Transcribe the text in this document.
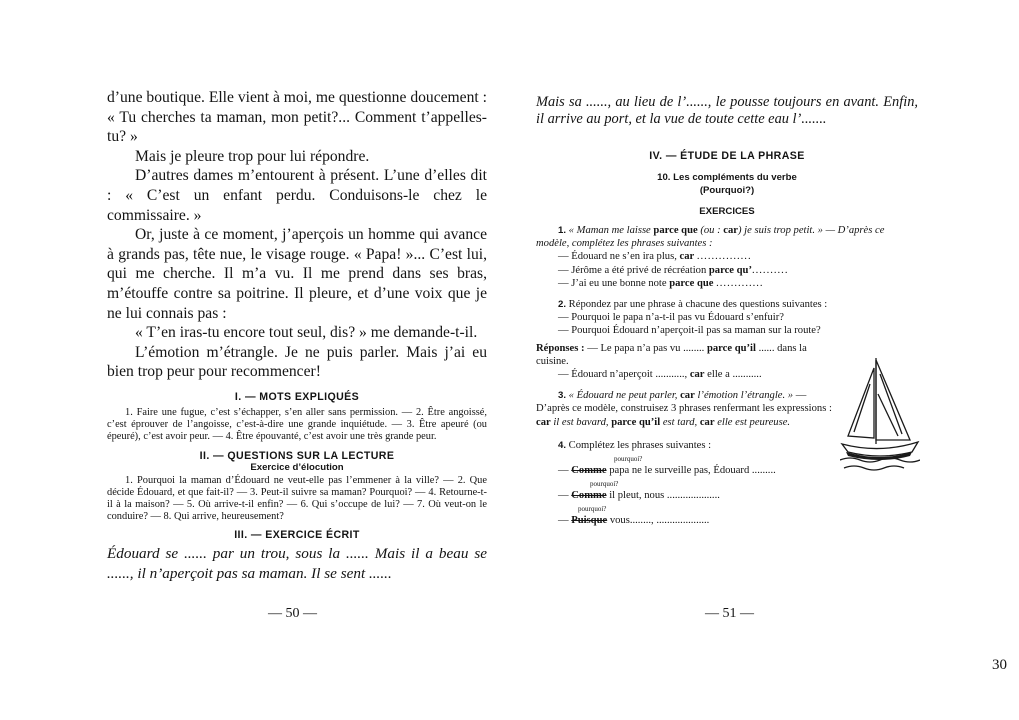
d’une boutique. Elle vient à moi, me questionne doucement : « Tu cherches ta maman, mon petit?... Comment t’appelles-tu? »

Mais je pleure trop pour lui répondre.

D’autres dames m’entourent à présent. L’une d’elles dit : « C’est un enfant perdu. Conduisons-le chez le commissaire. »

Or, juste à ce moment, j’aperçois un homme qui avance à grands pas, tête nue, le visage rouge. « Papa! »... C’est lui, qui me cherche. Il m’a vu. Il me prend dans ses bras, m’étouffe contre sa poitrine. Il pleure, et d’une voix que je ne lui connais pas :

« T’en iras-tu encore tout seul, dis? » me demande-t-il.

L’émotion m’étrangle. Je ne puis parler. Mais j’ai eu bien trop peur pour recommencer!

I. — MOTS EXPLIQUÉS

1. Faire une fugue, c’est s’échapper, s’en aller sans permission. — 2. Être angoissé, c’est éprouver de l’angoisse, c’est-à-dire une grande inquiétude. — 3. Être apeuré (ou épeuré), c’est avoir peur. — 4. Être épouvanté, c’est avoir une très grande peur.

II. — QUESTIONS SUR LA LECTURE

Exercice d’élocution

1. Pourquoi la maman d’Édouard ne veut-elle pas l’emmener à la ville? — 2. Que décide Édouard, et que fait-il? — 3. Peut-il suivre sa maman? Pourquoi? — 4. Retourne-t-il à la maison? — 5. Où arrive-t-il enfin? — 6. Qui s’occupe de lui? — 7. Où veut-on le conduire? — 8. Qui arrive, heureusement?

III. — EXERCICE ÉCRIT

Édouard se ...... par un trou, sous la ...... Mais il a beau se ......, il n’aperçoit pas sa maman. Il se sent ......

— 50 —

Mais sa ......, au lieu de l’......, le pousse toujours en avant. Enfin, il arrive au port, et la vue de toute cette eau l’.......

IV. — ÉTUDE DE LA PHRASE

10. Les compléments du verbe

(Pourquoi?)

EXERCICES

1. « Maman me laisse parce que (ou : car) je suis trop petit. » — D’après ce modèle, complétez les phrases suivantes :

— Édouard ne s’en ira plus, car ...............
— Jérôme a été privé de récréation parce qu’..........
— J’ai eu une bonne note parce que .............

2. Répondez par une phrase à chacune des questions suivantes :

— Pourquoi le papa n’a-t-il pas vu Édouard s’enfuir?
— Pourquoi Édouard n’aperçoit-il pas sa maman sur la route?

Réponses : — Le papa n’a pas vu ........ parce qu’il ...... dans la cuisine.
— Édouard n’aperçoit ..........., car elle a ...........

3. « Édouard ne peut parler, car l’émotion l’étrangle. » — D’après ce modèle, construisez 3 phrases renfermant les expressions : car il est bavard, parce qu’il est tard, car elle est peureuse.

4. Complétez les phrases suivantes :

pourquoi?
— Comme papa ne le surveille pas, Édouard .........
pourquoi?
— Comme il pleut, nous ....................
pourquoi?
— Puisque vous........, ....................
— 51 —
30
